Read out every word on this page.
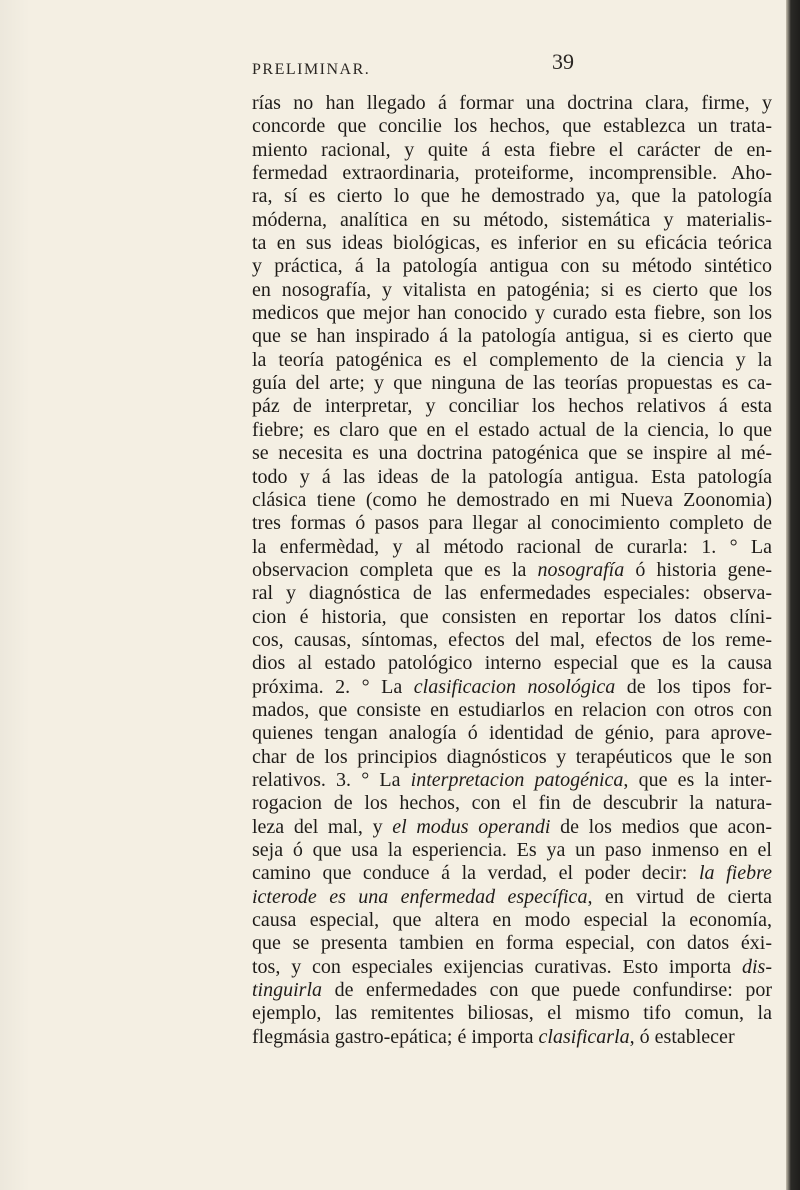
PRELIMINAR.	39
rías no han llegado á formar una doctrina clara, firme, y
concorde que concilie los hechos, que establezca un trata-
miento racional, y quite á esta fiebre el carácter de en-
fermedad extraordinaria, proteiforme, incomprensible. Aho-
ra, sí es cierto lo que he demostrado ya, que la patología
móderna, analítica en su método, sistemática y materialis-
ta en sus ideas biológicas, es inferior en su eficácia teórica
y práctica, á la patología antigua con su método sintético
en nosografía, y vitalista en patogénia; si es cierto que los
medicos que mejor han conocido y curado esta fiebre, son los
que se han inspirado á la patología antigua, si es cierto que
la teoría patogénica es el complemento de la ciencia y la
guía del arte; y que ninguna de las teorías propuestas es ca-
páz de interpretar, y conciliar los hechos relativos á esta
fiebre; es claro que en el estado actual de la ciencia, lo que
se necesita es una doctrina patogénica que se inspire al mé-
todo y á las ideas de la patología antigua. Esta patología
clásica tiene (como he demostrado en mi Nueva Zoonomia)
tres formas ó pasos para llegar al conocimiento completo de
la enfermèdad, y al método racional de curarla: 1. ° La
observacion completa que es la nosografía ó historia gene-
ral y diagnóstica de las enfermedades especiales: observa-
cion é historia, que consisten en reportar los datos clíni-
cos, causas, síntomas, efectos del mal, efectos de los reme-
dios al estado patológico interno especial que es la causa
próxima. 2. ° La clasificacion nosológica de los tipos for-
mados, que consiste en estudiarlos en relacion con otros con
quienes tengan analogía ó identidad de génio, para aprove-
char de los principios diagnósticos y terapéuticos que le son
relativos. 3. ° La interpretacion patogénica, que es la inter-
rogacion de los hechos, con el fin de descubrir la natura-
leza del mal, y el modus operandi de los medios que acon-
seja ó que usa la esperiencia. Es ya un paso inmenso en el
camino que conduce á la verdad, el poder decir: la fiebre
icterode es una enfermedad específica, en virtud de cierta
causa especial, que altera en modo especial la economía,
que se presenta tambien en forma especial, con datos éxi-
tos, y con especiales exijencias curativas. Esto importa dis-
tinguirla de enfermedades con que puede confundirse: por
ejemplo, las remitentes biliosas, el mismo tifo comun, la
flegmásia gastro-epática; é importa clasificarla, ó establecer
